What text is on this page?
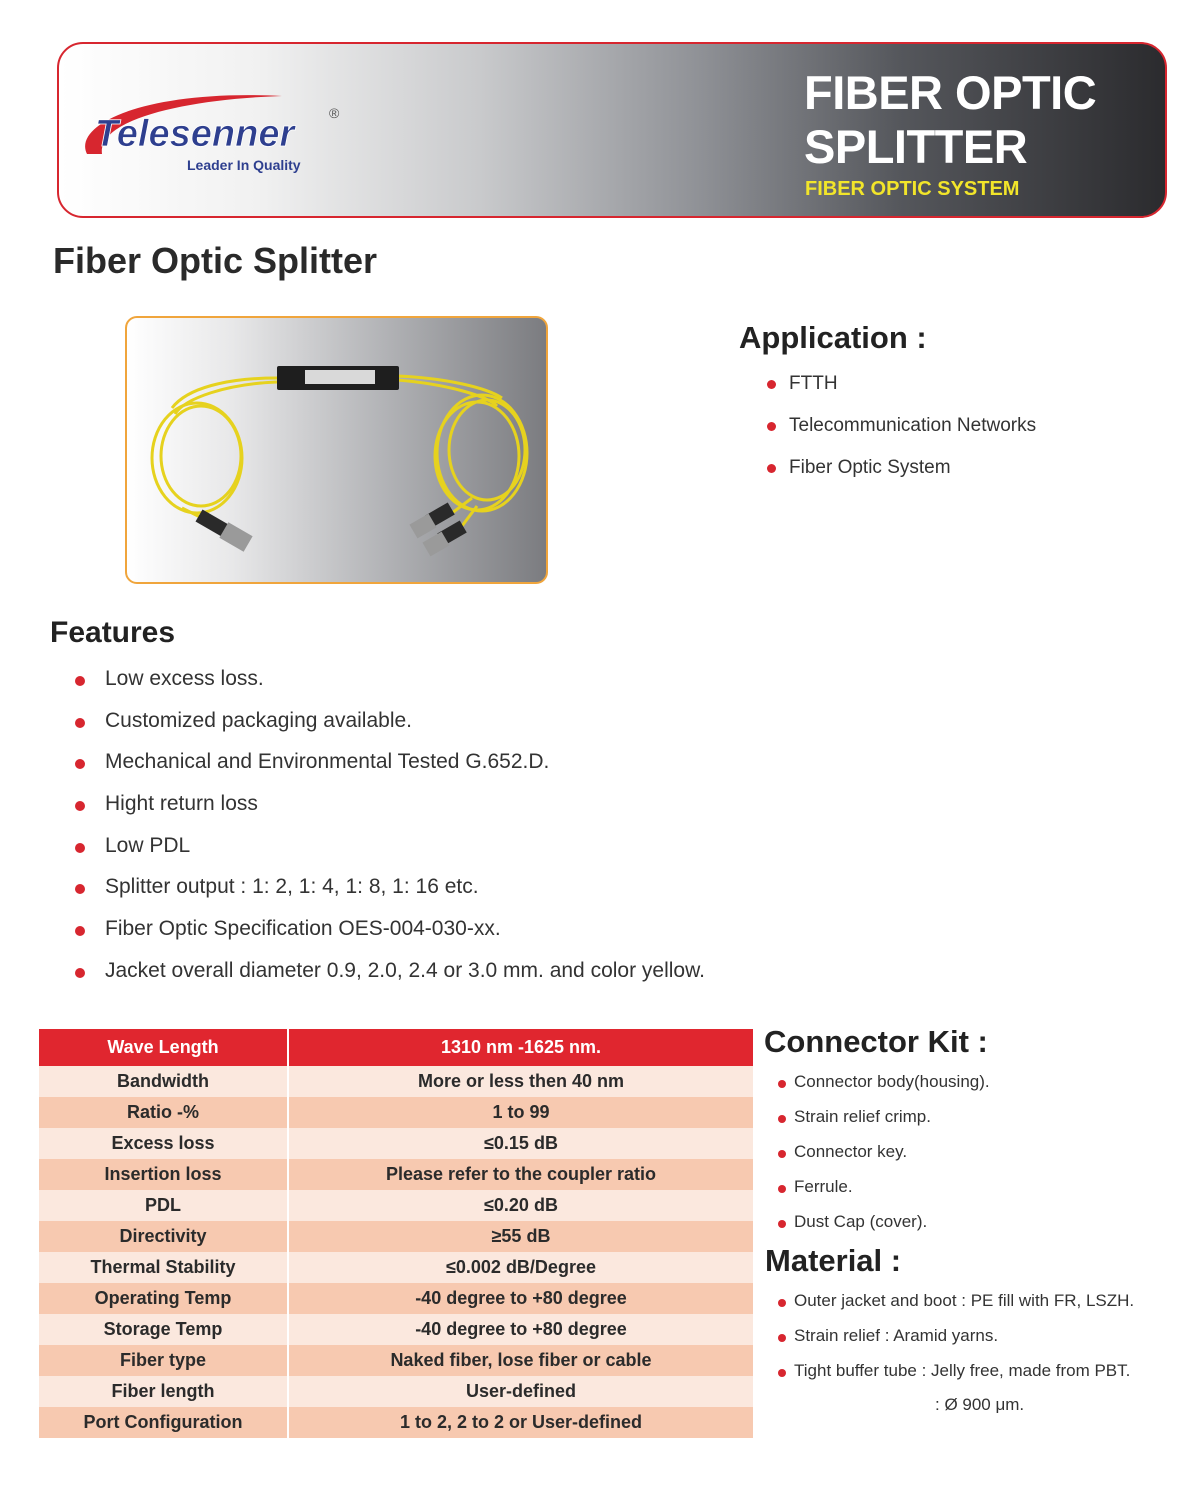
Telesenner ®
Leader In Quality
FIBER OPTIC
SPLITTER
FIBER OPTIC SYSTEM
Fiber Optic Splitter
Application :
FTTH
Telecommunication Networks
Fiber Optic System
Features
Low excess loss.
Customized packaging available.
Mechanical and Environmental Tested G.652.D.
Hight return loss
Low PDL
Splitter output : 1: 2, 1: 4, 1: 8, 1: 16 etc.
Fiber Optic Specification OES-004-030-xx.
Jacket overall diameter 0.9, 2.0, 2.4 or 3.0 mm. and color yellow.
Wave Length	1310 nm -1625 nm.
Bandwidth	More or less then 40 nm
Ratio -%	1 to 99
Excess loss	≤0.15 dB
Insertion loss	Please refer to the coupler ratio
PDL	≤0.20 dB
Directivity	≥55 dB
Thermal Stability	≤0.002 dB/Degree
Operating Temp	-40 degree to +80 degree
Storage Temp	-40 degree to +80 degree
Fiber type	Naked fiber, lose fiber or cable
Fiber length	User-defined
Port Configuration	1 to 2, 2 to 2 or User-defined
Connector Kit :
Connector body(housing).
Strain relief crimp.
Connector key.
Ferrule.
Dust Cap (cover).
Material :
Outer jacket and boot : PE fill with FR, LSZH.
Strain relief : Aramid yarns.
Tight buffer tube : Jelly free, made from PBT.
: Ø 900 μm.
